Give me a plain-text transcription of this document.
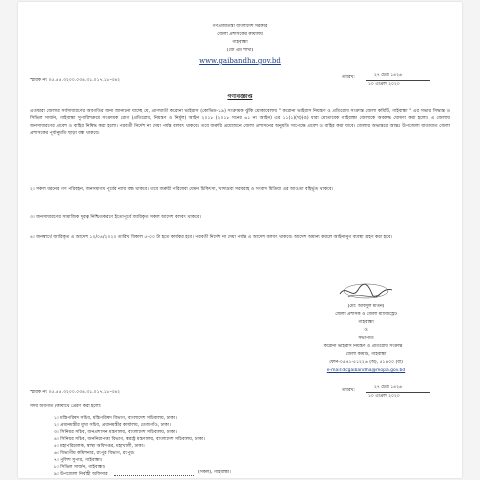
গণপ্রজাতন্ত্রী বাংলাদেশ সরকার
জেলা প্রশাসকের কার্যালয়
গাইবান্ধা
(জে এম শাখা)
www.gaibandha.gov.bd
স্মারক নং ০৫.৫৫.৩২০০.০৩৪.৩১.০১৭.১৮-৩৪২
তারিখ:	২৭ চৈত্র ১৪২৬
১০ এপ্রিল ২০২০
গণবিজ্ঞপ্তি
এতদ্বারা জেলার সর্বসাধারণের অবগতির জন্য জানানো যাচ্ছে যে, প্রাণঘাতী করোনা ভাইরাস (কোভিড-১৯) সংক্রামক ঝুঁকি মোকাবেলায় " করোনা ভাইরাস নিয়ন্ত্রণ ও প্রতিরোধ সংক্রান্ত জেলা কমিটি, গাইবান্ধা " এর সভার সিদ্ধান্ত ও সিভিল সার্জন, গাইবান্ধা সুপারিশক্রমে সংক্রামক রোগ (প্রতিরোধ, নিয়ন্ত্রণ ও নির্মূল) আইন ২০১৮ (২০১৮ সনের ৬১ নং আইন) এর ১১(১)(খ)(ঙ) ধারা মোতাবেক গাইবান্ধা জেলাকে অবরুদ্ধ ঘোষণা করা হলো। এ জেলায় জনসাধারণের প্রবেশ ও বাহির নিষিদ্ধ করা হলো। পরবর্তী নির্দেশ না দেয়া পর্যন্ত বলবৎ থাকবে। তবে জরুরি প্রয়োজনে জেলা প্রশাসনের অনুমতি সাপেক্ষে প্রবেশ ও বাহির করা যাবে। জেলার অভ্যন্তরে আন্তঃ উপজেলা যাতায়াত জেলা প্রশাসকের পূর্বানুমতি ছাড়া বন্ধ থাকবে।
২। সকল ধরনের গণ পরিবহন, জনসমাগম পূর্বের ন্যায় বন্ধ থাকবে। তবে জরুরী পরিষেবা যেমন চিকিৎসা, খাদ্যদ্রব্য সরবরাহ ও সংবাদ মিডিয়া এর আওতা বহির্ভূত থাকবে।
৩। জনসাধারণের সামাজিক দূরত্ব নিশ্চিতকরণে ইতোপূর্বে জারিকৃত সকল আদেশ বলবৎ থাকবে।
৪। জনস্বার্থে জারিকৃত এ আদেশ ১০/০৪/২০২০ তারিখ বিকাল ৫-০০ টা হতে কার্যকর হবে। পরবর্তী নির্দেশ না দেয়া পর্যন্ত এ আদেশ বলবৎ থাকবে। আদেশ অমান্য করলে আইনানুগ ব্যবস্থা গ্রহণ করা হবে।
(মো: আবদুল মতিন)
জেলা প্রশাসক ও জেলা ম্যাজিস্ট্রেট
গাইবান্ধা
ও
সভাপতি
করোনা ভাইরাস নিয়ন্ত্রণ ও প্রতিরোধ সংক্রান্ত
জেলা কমিটি, গাইবান্ধা
ফোন-০৫৪১-৫১২২৬ (অ), ৫১৪০০ (বা)
e-mail:dcgaibandha@mopa.gov.bd
স্মারক নং ০৫.৫৫.৩২০০.০৩৪.৩১.০১৭.১৮-৩৪২	তারিখ:
২৭ চৈত্র ১৪২৬
১০ এপ্রিল ২০২০
সদয় অবগতি /কার্যার্থে প্রেরণ করা হলো:
১। মন্ত্রিপরিষদ সচিব, মন্ত্রিপরিষদ বিভাগ, বাংলাদেশ সচিবালয়, ঢাকা।
২। প্রধানমন্ত্রীর মুখ্য সচিব, প্রধানমন্ত্রীর কার্যালয়, তেজগাঁও, ঢাকা।
৩। সিনিয়র সচিব, জনপ্রশাসন মন্ত্রণালয়, বাংলাদেশ সচিবালয়, ঢাকা।
৪। সিনিয়র সচিব, জননিরাপত্তা বিভাগ, স্বরাষ্ট্র মন্ত্রণালয়, বাংলাদেশ সচিবালয়, ঢাকা।
৫। মহাপরিচালক, স্বাস্থ্য অধিদপ্তর, মহাখালী, ঢাকা।
৬। বিভাগীয় কমিশনার, রংপুর বিভাগ, রংপুর।
৭। পুলিশ সুপার, গাইবান্ধা।
৮। সিভিল সার্জন, গাইবান্ধা।
৯। উপজেলা নির্বাহী অফিসার	(সকল), গাইবান্ধা।
